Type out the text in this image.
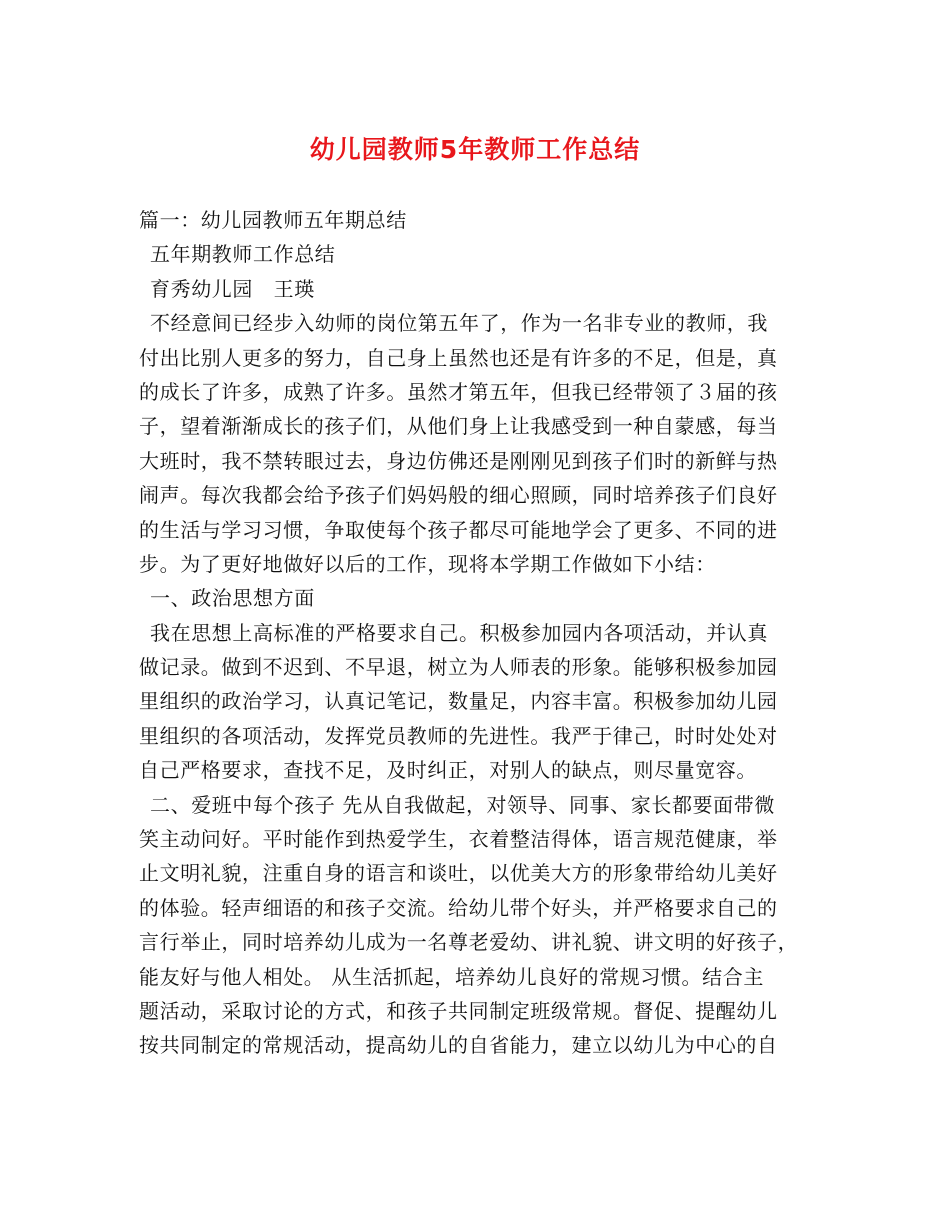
幼儿园教师5年教师工作总结
篇一：幼儿园教师五年期总结
五年期教师工作总结
育秀幼儿园　王瑛
不经意间已经步入幼师的岗位第五年了，作为一名非专业的教师，我
付出比别人更多的努力，自己身上虽然也还是有许多的不足，但是，真
的成长了许多，成熟了许多。虽然才第五年，但我已经带领了３届的孩
子，望着渐渐成长的孩子们，从他们身上让我感受到一种自蒙感，每当
大班时，我不禁转眼过去，身边仿佛还是刚刚见到孩子们时的新鲜与热
闹声。每次我都会给予孩子们妈妈般的细心照顾，同时培养孩子们良好
的生活与学习习惯，争取使每个孩子都尽可能地学会了更多、不同的进
步。为了更好地做好以后的工作，现将本学期工作做如下小结：
一、政治思想方面
我在思想上高标准的严格要求自己。积极参加园内各项活动，并认真
做记录。做到不迟到、不早退，树立为人师表的形象。能够积极参加园
里组织的政治学习，认真记笔记，数量足，内容丰富。积极参加幼儿园
里组织的各项活动，发挥党员教师的先进性。我严于律己，时时处处对
自己严格要求，查找不足，及时纠正，对别人的缺点，则尽量宽容。
二、爱班中每个孩子 先从自我做起，对领导、同事、家长都要面带微
笑主动问好。平时能作到热爱学生，衣着整洁得体，语言规范健康，举
止文明礼貌，注重自身的语言和谈吐，以优美大方的形象带给幼儿美好
的体验。轻声细语的和孩子交流。给幼儿带个好头，并严格要求自己的
言行举止，同时培养幼儿成为一名尊老爱幼、讲礼貌、讲文明的好孩子，
能友好与他人相处。 从生活抓起，培养幼儿良好的常规习惯。结合主
题活动，采取讨论的方式，和孩子共同制定班级常规。督促、提醒幼儿
按共同制定的常规活动，提高幼儿的自省能力，建立以幼儿为中心的自
